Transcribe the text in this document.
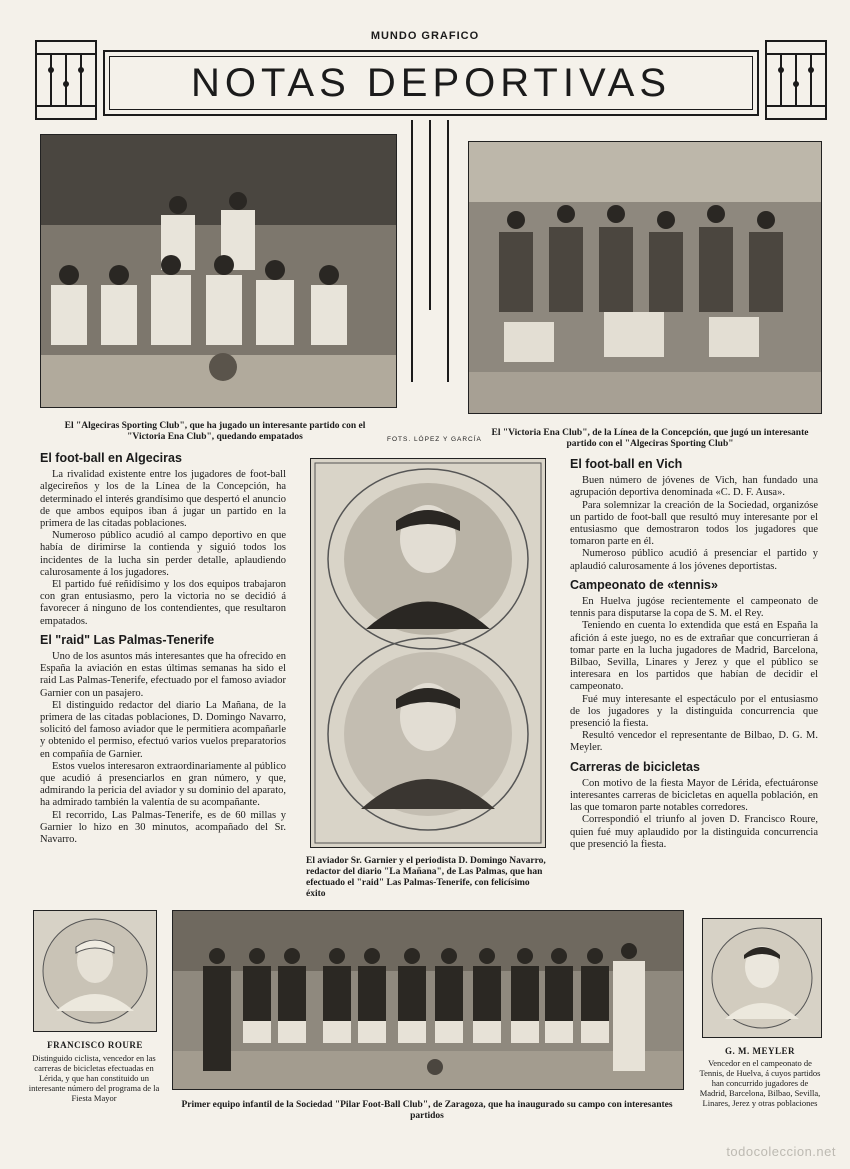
MUNDO GRAFICO
NOTAS DEPORTIVAS
El "Algeciras Sporting Club", que ha jugado un interesante partido con el "Victoria Ena Club", quedando empatados	FOTS. LÓPEZ Y GARCÍA
El "Victoria Ena Club", de la Línea de la Concepción, que jugó un interesante partido con el "Algeciras Sporting Club"
El foot-ball en Algeciras

La rivalidad existente entre los jugadores de foot-ball algecireños y los de la Línea de la Concepción, ha determinado el interés grandísimo que despertó el anuncio de que ambos equipos iban á jugar un partido en la primera de las citadas poblaciones.

Numeroso público acudió al campo deportivo en que había de dirimirse la contienda y siguió todos los incidentes de la lucha sin perder detalle, aplaudiendo calurosamente á los jugadores.

El partido fué reñidísimo y los dos equipos trabajaron con gran entusiasmo, pero la victoria no se decidió á favorecer á ninguno de los contendientes, que resultaron empatados.

El "raid" Las Palmas-Tenerife

Uno de los asuntos más interesantes que ha ofrecido en España la aviación en estas últimas semanas ha sido el raid Las Palmas-Tenerife, efectuado por el famoso aviador Garnier con un pasajero.

El distinguido redactor del diario La Mañana, de la primera de las citadas poblaciones, D. Domingo Navarro, solicitó del famoso aviador que le permitiera acompañarle y obtenido el permiso, efectuó varios vuelos preparatorios en compañía de Garnier.

Estos vuelos interesaron extraordinariamente al público que acudió á presenciarlos en gran número, y que, admirando la pericia del aviador y su dominio del aparato, ha admirado también la valentía de su acompañante.

El recorrido, Las Palmas-Tenerife, es de 60 millas y Garnier lo hizo en 30 minutos, acompañado del Sr. Navarro.

El aviador Sr. Garnier y el periodista D. Domingo Navarro, redactor del diario "La Mañana", de Las Palmas, que han efectuado el "raid" Las Palmas-Tenerife, con felicísimo éxito
El foot-ball en Vich

Buen número de jóvenes de Vich, han fundado una agrupación deportiva denominada «C. D. F. Ausa».

Para solemnizar la creación de la Sociedad, organizóse un partido de foot-ball que resultó muy interesante por el entusiasmo que demostraron todos los jugadores que tomaron parte en él.

Numeroso público acudió á presenciar el partido y aplaudió calurosamente á los jóvenes deportistas.

Campeonato de «tennis»

En Huelva jugóse recientemente el campeonato de tennis para disputarse la copa de S. M. el Rey.

Teniendo en cuenta lo extendida que está en España la afición á este juego, no es de extrañar que concurrieran á tomar parte en la lucha jugadores de Madrid, Barcelona, Bilbao, Sevilla, Linares y Jerez y que el público se interesara en los partidos que habían de decidir el campeonato.

Fué muy interesante el espectáculo por el entusiasmo de los jugadores y la distinguida concurrencia que presenció la fiesta.

Resultó vencedor el representante de Bilbao, D. G. M. Meyler.

Carreras de bicicletas

Con motivo de la fiesta Mayor de Lérida, efectuáronse interesantes carreras de bicicletas en aquella población, en las que tomaron parte notables corredores.

Correspondió el triunfo al joven D. Francisco Roure, quien fué muy aplaudido por la distinguida concurrencia que presenció la fiesta.

FRANCISCO ROURE
Distinguido ciclista, vencedor en las carreras de bicicletas efectuadas en Lérida, y que han constituido un interesante número del programa de la Fiesta Mayor
Primer equipo infantil de la Sociedad "Pilar Foot-Ball Club", de Zaragoza, que ha inaugurado su campo con interesantes partidos
G. M. MEYLER
Vencedor en el campeonato de Tennis, de Huelva, á cuyos partidos han concurrido jugadores de Madrid, Barcelona, Bilbao, Sevilla, Linares, Jerez y otras poblaciones
todocoleccion.net
